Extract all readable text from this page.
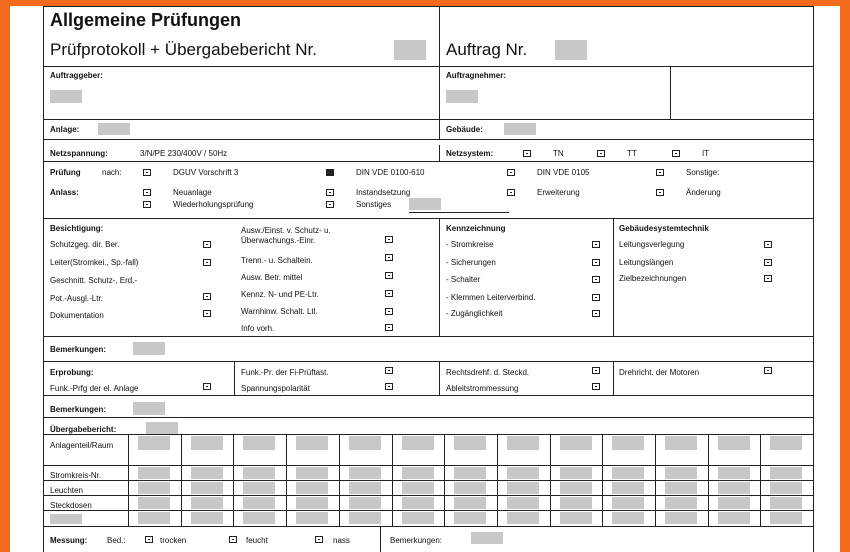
Allgemeine Prüfungen
Prüfprotokoll + Übergabebericht Nr.	Auftrag Nr.
Auftraggeber:	Auftragnehmer:
Anlage:	Gebäude:
Netzspannung:	3/N/PE 230/400V / 50Hz	Netzsystem:	TN	TT	IT
Prüfung	nach:	DGUV Vorschrift 3	DIN VDE 0100-610	DIN VDE 0105	Sonstige:
Anlass:	Neuanlage	Instandsetzung	Erweiterung	Änderung
Wiederholungsprüfung	Sonstiges
Besichtigung:
Schutzgeg. dir. Ber.
Leiter(Stromkei., Sp.-fall)
Geschnitt. Schutz-, Erd.-
Pot.-Ausgl.-Ltr.
Dokumentation
Ausw./Einst. v. Schutz- u.
Überwachungs.-Einr.
Trenn.- u. Schaltein.
Ausw. Betr. mittel
Kennz. N- und PE-Ltr.
Warnhinw. Schalt. Ltl.
Info vorh.
Kennzeichnung
- Stromkreise
- Sicherungen
- Schalter
- Klemmen Leiterverbind.
- Zugänglichkeit
Gebäudesystemtechnik
Leitungsverlegung
Leitungslängen
Zielbezeichnungen
Bemerkungen:
Erprobung:
Funk.-Prfg der el. Anlage
Funk.-Pr. der Fi-Prüftast.
Spannungspolarität
Rechtsdrehf. d. Steckd.
Ableitstrommessung
Drehricht. der Motoren
Bemerkungen:
Übergabebericht:
Anlagenteil/Raum
Stromkreis-Nr.
Leuchten
Steckdosen
Messung: Bed.:	trocken	feucht	nass	Bemerkungen:
